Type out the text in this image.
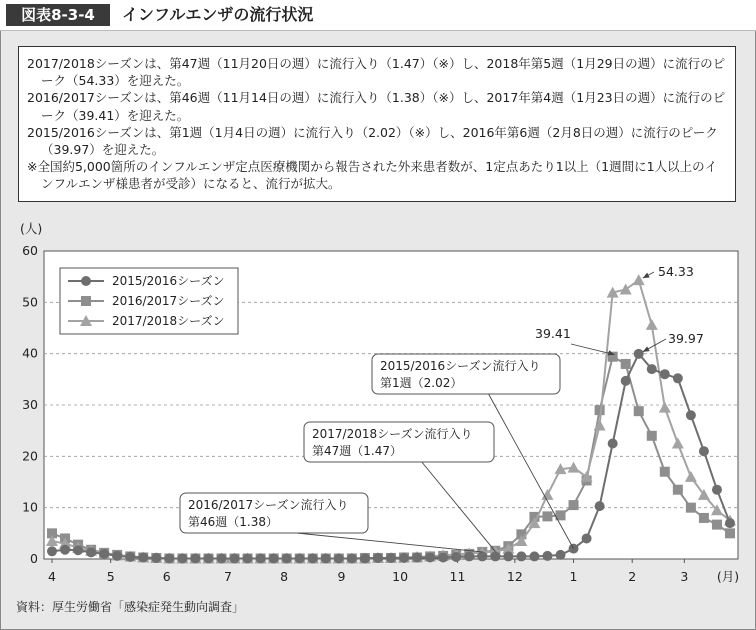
図表8-3-4	インフルエンザの流行状況

2017/2018シーズンは、第47週（11月20日の週）に流行入り（1.47）（※）し、2018年第5週（1月29日の週）に流行のピーク（54.33）を迎えた。

2016/2017シーズンは、第46週（11月14日の週）に流行入り（1.38）（※）し、2017年第4週（1月23日の週）に流行のピーク（39.41）を迎えた。

2015/2016シーズンは、第1週（1月4日の週）に流行入り（2.02）（※）し、2016年第6週（2月8日の週）に流行のピーク（39.97）を迎えた。

※全国約5,000箇所のインフルエンザ定点医療機関から報告された外来患者数が、1定点あたり1以上（1週間に1人以上のインフルエンザ様患者が受診）になると、流行が拡大。

0
10
20
30
40
50
60
(人)
4	5	6	7	8	9	10	11	12	1	2	3 (月)
2015/2016シーズン
2016/2017シーズン
2017/2018シーズン
2015/2016シーズン流行入り
第1週（2.02）
2017/2018シーズン流行入り
第47週（1.47）
2016/2017シーズン流行入り
第46週（1.38）
54.33
39.41	39.97
資料：厚生労働省「感染症発生動向調査」
